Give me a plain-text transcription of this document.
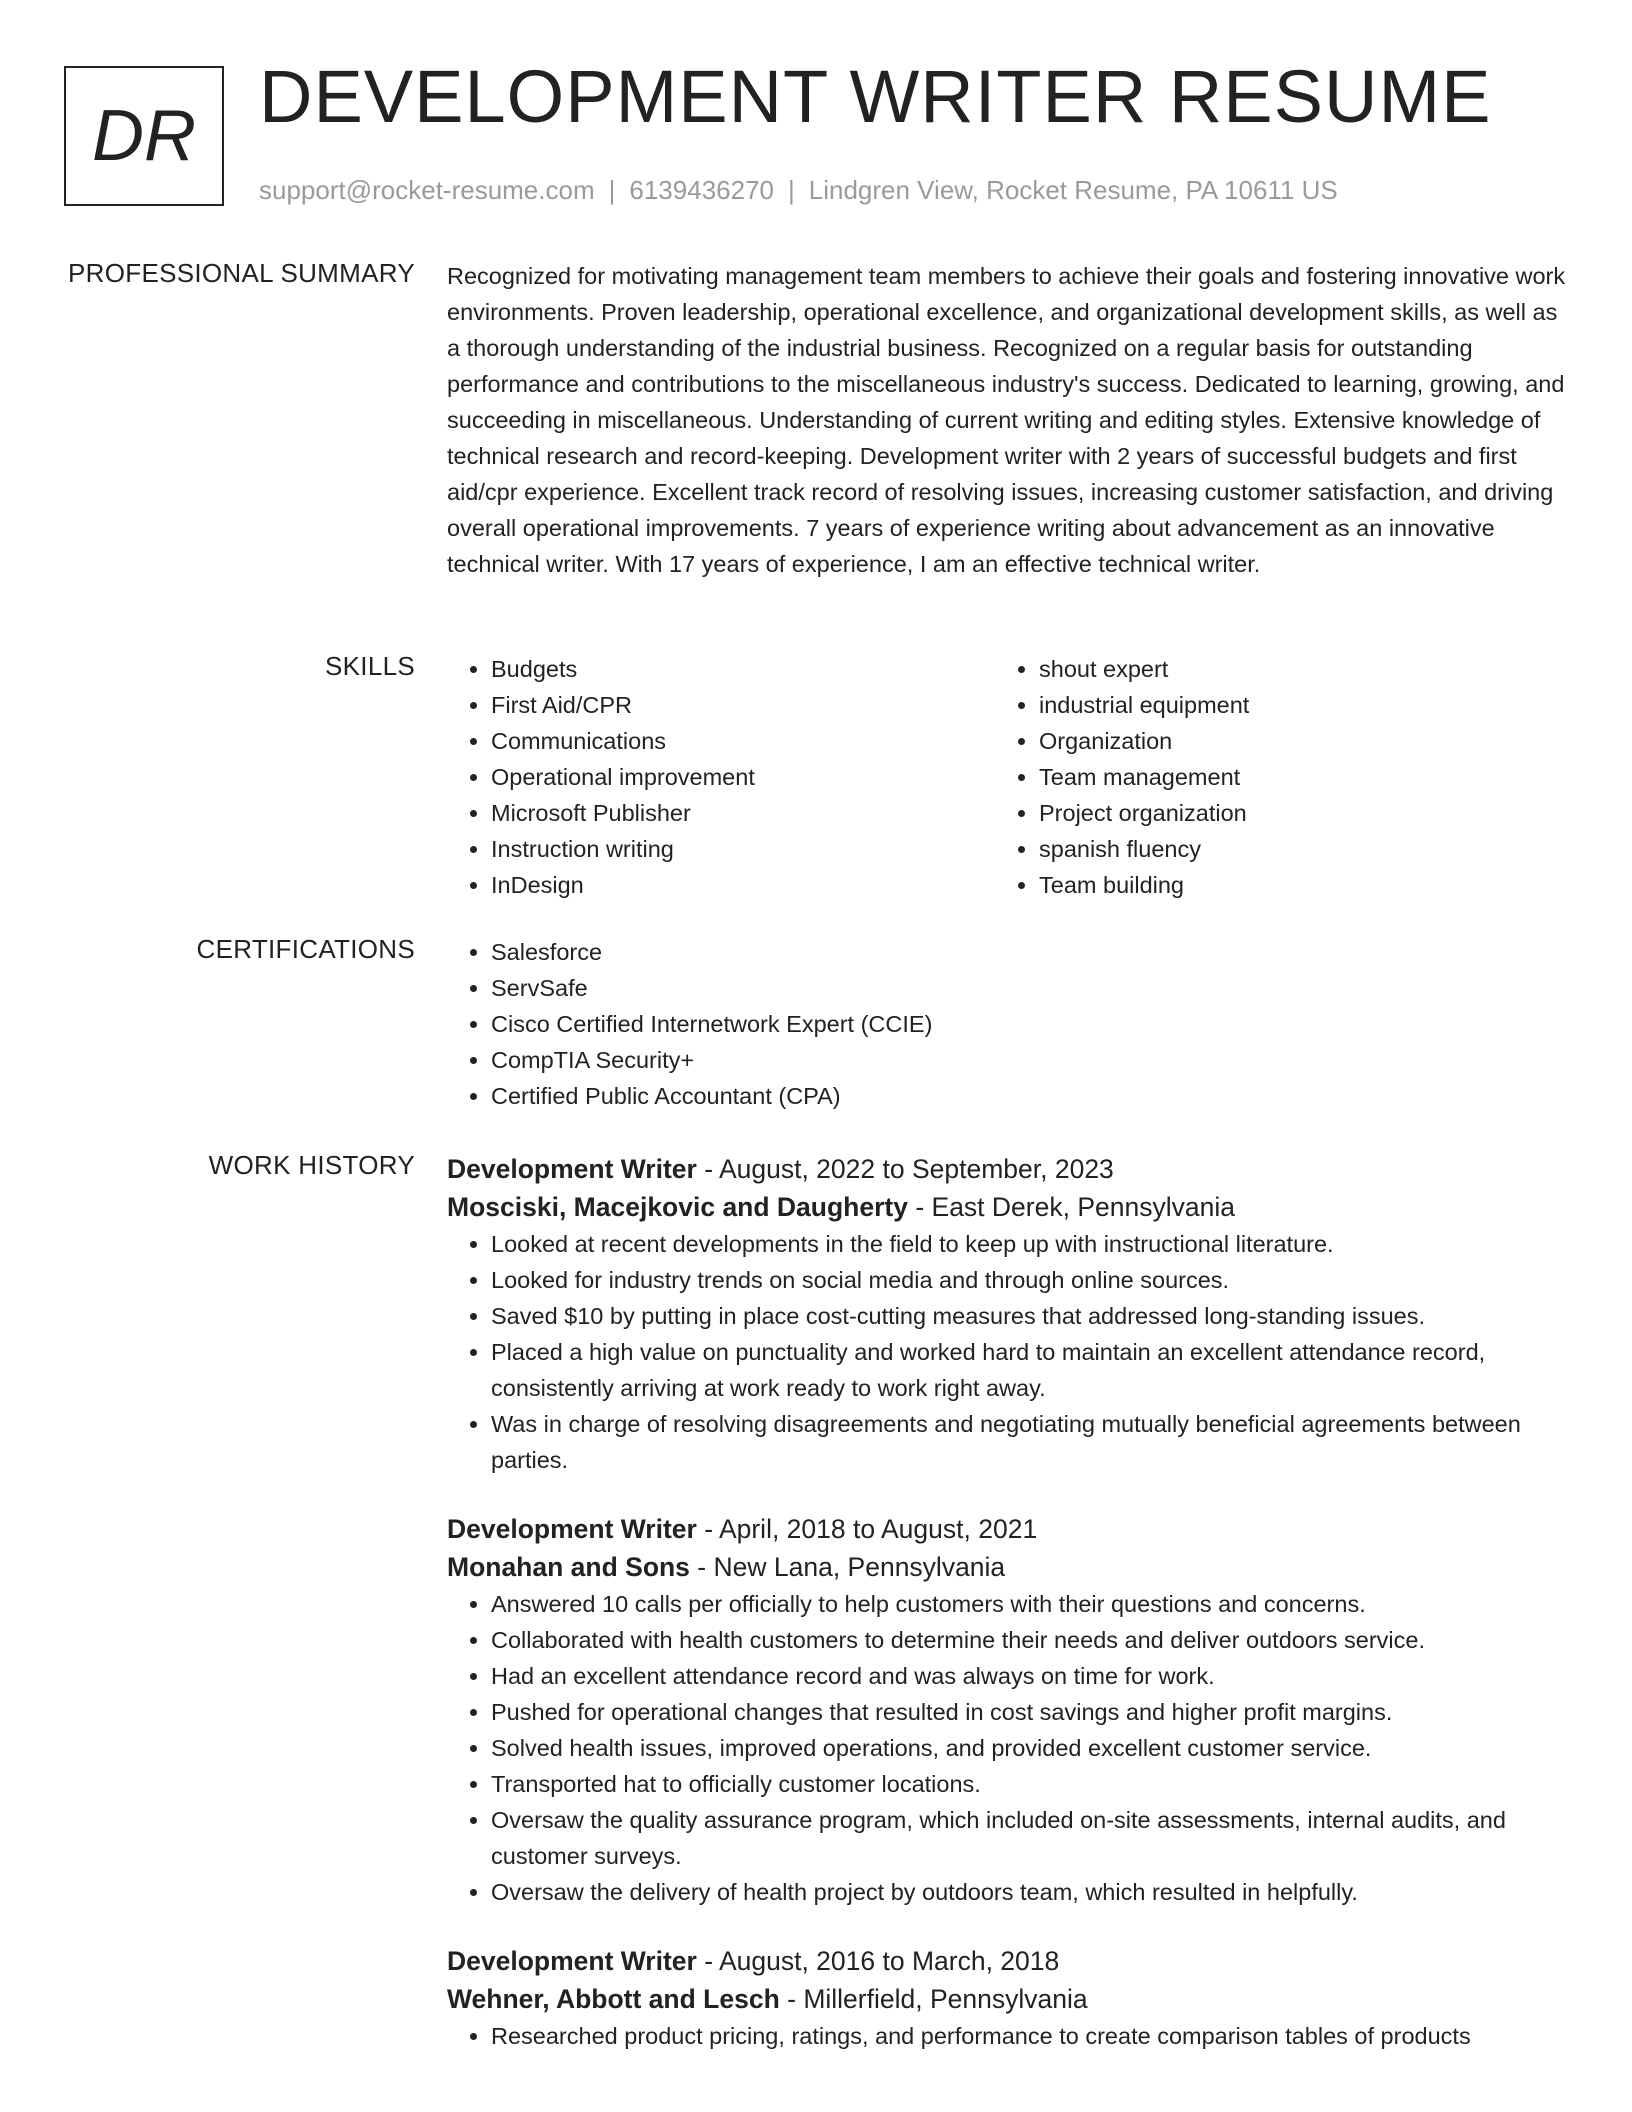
DR DEVELOPMENT WRITER RESUME
support@rocket-resume.com | 6139436270 | Lindgren View, Rocket Resume, PA 10611 US
PROFESSIONAL SUMMARY Recognized for motivating management team members to achieve their goals and fostering innovative work environments. Proven leadership, operational excellence, and organizational development skills, as well as a thorough understanding of the industrial business. Recognized on a regular basis for outstanding performance and contributions to the miscellaneous industry's success. Dedicated to learning, growing, and succeeding in miscellaneous. Understanding of current writing and editing styles. Extensive knowledge of technical research and record-keeping. Development writer with 2 years of successful budgets and first aid/cpr experience. Excellent track record of resolving issues, increasing customer satisfaction, and driving overall operational improvements. 7 years of experience writing about advancement as an innovative technical writer. With 17 years of experience, I am an effective technical writer.
SKILLS	• Budgets
• First Aid/CPR
• Communications
• Operational improvement
• Microsoft Publisher
• Instruction writing
• InDesign
• shout expert
• industrial equipment
• Organization
• Team management
• Project organization
• spanish fluency
• Team building
CERTIFICATIONS	• Salesforce
• ServSafe
• Cisco Certified Internetwork Expert (CCIE)
• CompTIA Security+
• Certified Public Accountant (CPA)
WORK HISTORY Development Writer - August, 2022 to September, 2023
Mosciski, Macejkovic and Daugherty - East Derek, Pennsylvania
• Looked at recent developments in the field to keep up with instructional literature.
• Looked for industry trends on social media and through online sources.
• Saved $10 by putting in place cost-cutting measures that addressed long-standing issues.
• Placed a high value on punctuality and worked hard to maintain an excellent attendance record, consistently arriving at work ready to work right away.
• Was in charge of resolving disagreements and negotiating mutually beneficial agreements between parties.
Development Writer - April, 2018 to August, 2021
Monahan and Sons - New Lana, Pennsylvania
• Answered 10 calls per officially to help customers with their questions and concerns.
• Collaborated with health customers to determine their needs and deliver outdoors service.
• Had an excellent attendance record and was always on time for work.
• Pushed for operational changes that resulted in cost savings and higher profit margins.
• Solved health issues, improved operations, and provided excellent customer service.
• Transported hat to officially customer locations.
• Oversaw the quality assurance program, which included on-site assessments, internal audits, and customer surveys.
• Oversaw the delivery of health project by outdoors team, which resulted in helpfully.
Development Writer - August, 2016 to March, 2018
Wehner, Abbott and Lesch - Millerfield, Pennsylvania
• Researched product pricing, ratings, and performance to create comparison tables of products
